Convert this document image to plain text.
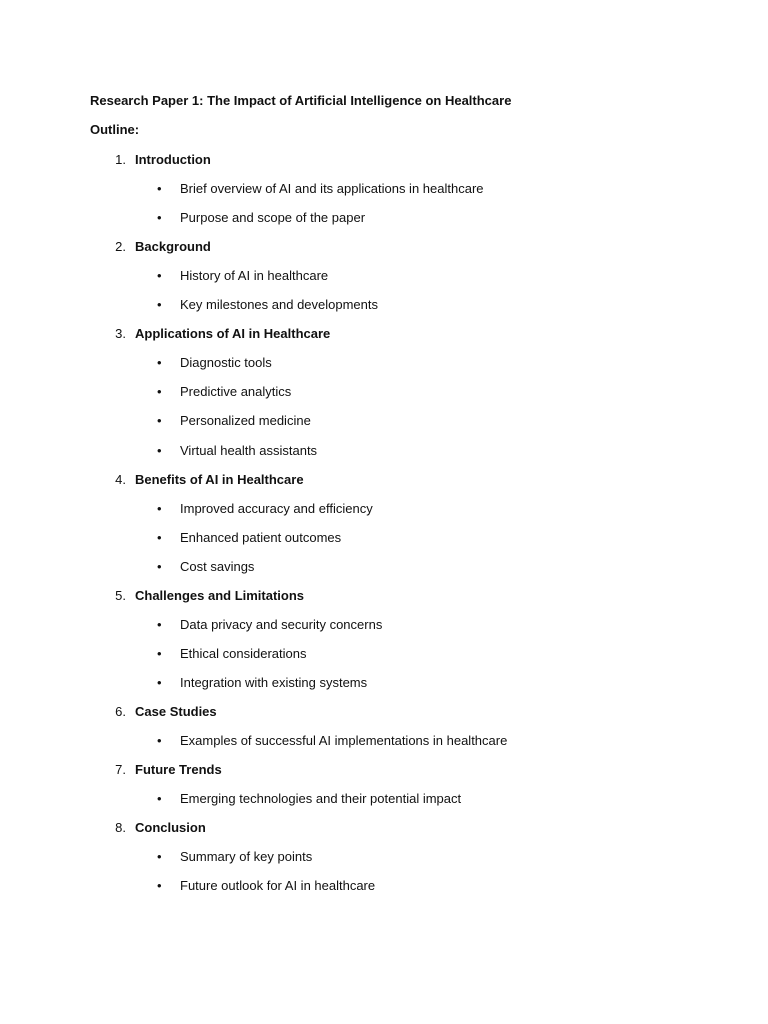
Research Paper 1: The Impact of Artificial Intelligence on Healthcare
Outline:
1. Introduction
• Brief overview of AI and its applications in healthcare
• Purpose and scope of the paper
2. Background
• History of AI in healthcare
• Key milestones and developments
3. Applications of AI in Healthcare
• Diagnostic tools
• Predictive analytics
• Personalized medicine
• Virtual health assistants
4. Benefits of AI in Healthcare
• Improved accuracy and efficiency
• Enhanced patient outcomes
• Cost savings
5. Challenges and Limitations
• Data privacy and security concerns
• Ethical considerations
• Integration with existing systems
6. Case Studies
• Examples of successful AI implementations in healthcare
7. Future Trends
• Emerging technologies and their potential impact
8. Conclusion
• Summary of key points
• Future outlook for AI in healthcare
